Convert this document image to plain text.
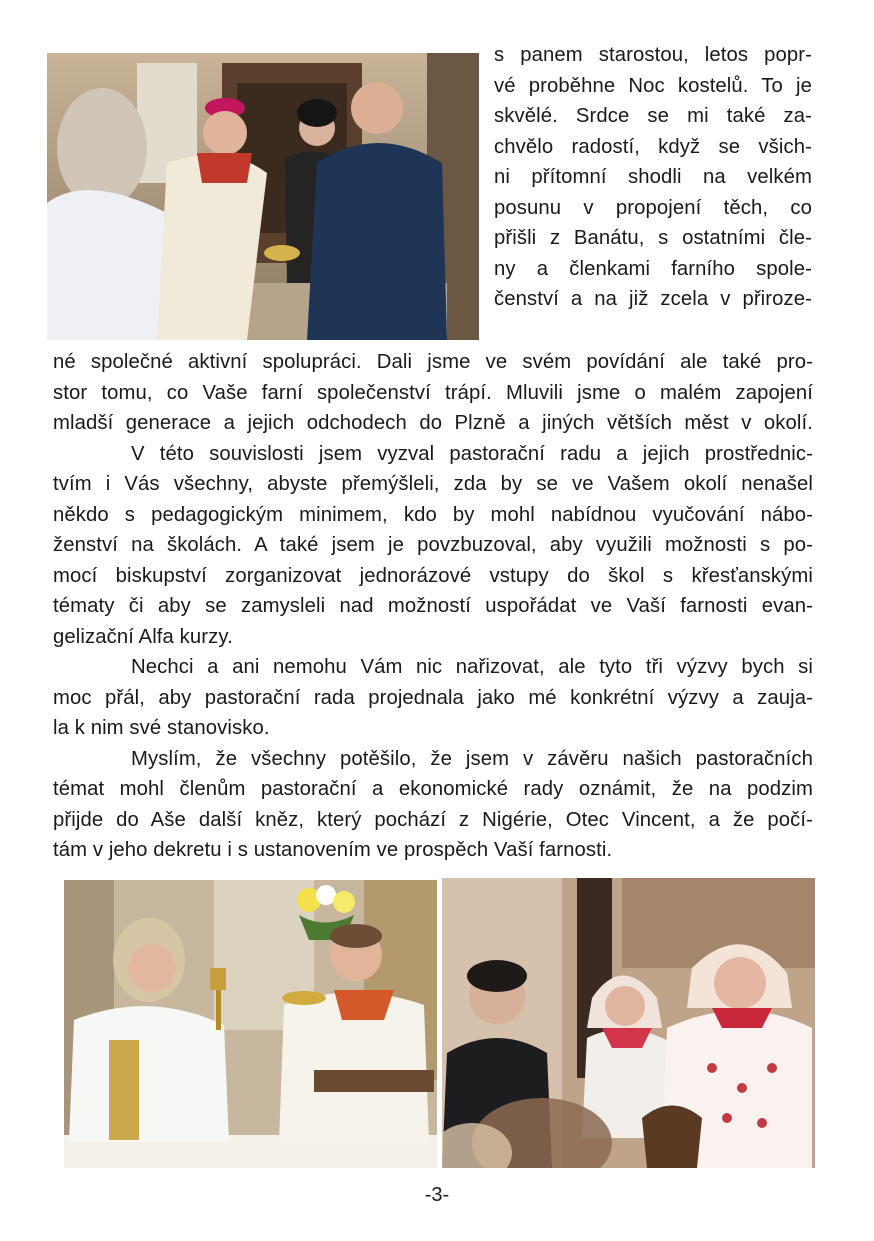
s panem starostou, letos popr-

vé proběhne Noc kostelů. To je

skvělé. Srdce se mi také za-

chvělo radostí, když se všich-

ni přítomní shodli na velkém

posunu v propojení těch, co

přišli z Banátu, s ostatními čle-

ny a členkami farního spole-

čenství a na již zcela v přiroze-

né společné aktivní spolupráci. Dali jsme ve svém povídání ale také pro-

stor tomu, co Vaše farní společenství trápí. Mluvili jsme o malém zapojení

mladší generace a jejich odchodech do Plzně a jiných větších měst v okolí.

V této souvislosti jsem vyzval pastorační radu a jejich prostřednic-

tvím i Vás všechny, abyste přemýšleli, zda by se ve Vašem okolí nenašel

někdo s pedagogickým minimem, kdo by mohl nabídnou vyučování nábo-

ženství na školách. A také jsem je povzbuzoval, aby využili možnosti s po-

mocí biskupství zorganizovat jednorázové vstupy do škol s křesťanskými

tématy či aby se zamysleli nad možností uspořádat ve Vaší farnosti evan-

gelizační Alfa kurzy.

Nechci a ani nemohu Vám nic nařizovat, ale tyto tři výzvy bych si

moc přál, aby pastorační rada projednala jako mé konkrétní výzvy a zauja-

la k nim své stanovisko.

Myslím, že všechny potěšilo, že jsem v závěru našich pastoračních

témat mohl členům pastorační a ekonomické rady oznámit, že na podzim

přijde do Aše další kněz, který pochází z Nigérie, Otec Vincent, a že počí-

tám v jeho dekretu i s ustanovením ve prospěch Vaší farnosti.

-3-
